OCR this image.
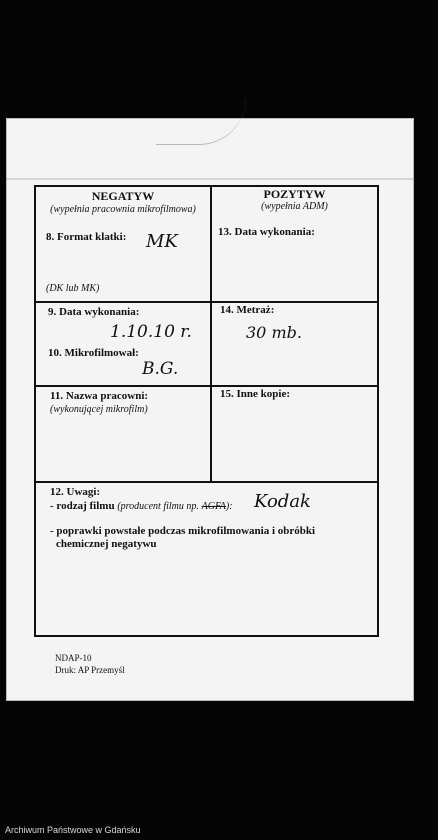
NEGATYW
(wypełnia pracownia mikrofilmowa)
POZYTYW
(wypełnia ADM)
8. Format klatki: MK
(DK lub MK)
13. Data wykonania:
9. Data wykonania:
1.10.10 r.
10. Mikrofilmował:
B.G.
14. Metraż:
30 mb.
11. Nazwa pracowni:
(wykonującej mikrofilm)
15. Inne kopie:
12. Uwagi:
- rodzaj filmu (producent filmu np. AGFA): Kodak
- poprawki powstałe podczas mikrofilmowania i obróbki
chemicznej negatywu
NDAP-10
Druk: AP Przemyśl
Archiwum Państwowe w Gdańsku
